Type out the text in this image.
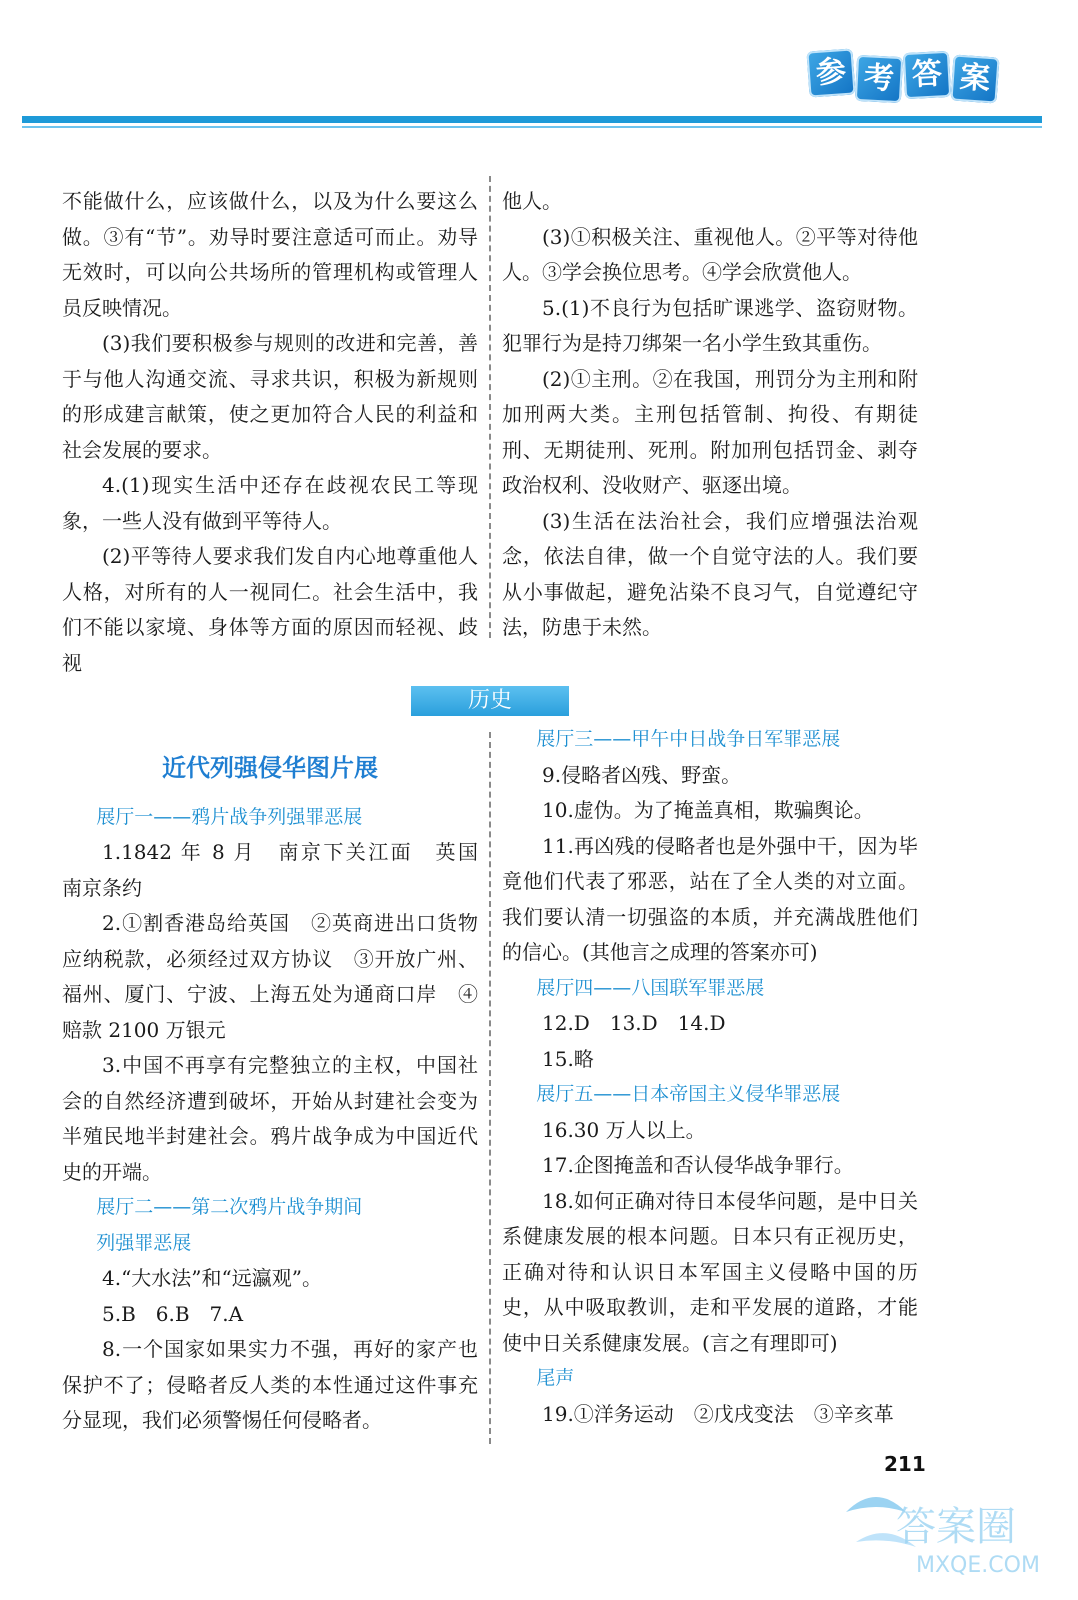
参 考 答 案

不能做什么，应该做什么，以及为什么要这么做。③有“节”。劝导时要注意适可而止。劝导无效时，可以向公共场所的管理机构或管理人员反映情况。

(3)我们要积极参与规则的改进和完善，善于与他人沟通交流、寻求共识，积极为新规则的形成建言献策，使之更加符合人民的利益和社会发展的要求。

4.(1)现实生活中还存在歧视农民工等现象，一些人没有做到平等待人。

(2)平等待人要求我们发自内心地尊重他人人格，对所有的人一视同仁。社会生活中，我们不能以家境、身体等方面的原因而轻视、歧视

他人。

(3)①积极关注、重视他人。②平等对待他人。③学会换位思考。④学会欣赏他人。

5.(1)不良行为包括旷课逃学、盗窃财物。犯罪行为是持刀绑架一名小学生致其重伤。

(2)①主刑。②在我国，刑罚分为主刑和附加刑两大类。主刑包括管制、拘役、有期徒刑、无期徒刑、死刑。附加刑包括罚金、剥夺政治权利、没收财产、驱逐出境。

(3)生活在法治社会，我们应增强法治观念，依法自律，做一个自觉守法的人。我们要从小事做起，避免沾染不良习气，自觉遵纪守法，防患于未然。

历史

近代列强侵华图片展

展厅一——鸦片战争列强罪恶展

1.1842 年 8 月　南京下关江面　英国　南京条约

2.①割香港岛给英国　②英商进出口货物应纳税款，必须经过双方协议　③开放广州、福州、厦门、宁波、上海五处为通商口岸　④赔款 2100 万银元

3.中国不再享有完整独立的主权，中国社会的自然经济遭到破坏，开始从封建社会变为半殖民地半封建社会。鸦片战争成为中国近代史的开端。

展厅二——第二次鸦片战争期间

列强罪恶展

4.“大水法”和“远瀛观”。

5.B　6.B　7.A

8.一个国家如果实力不强，再好的家产也保护不了；侵略者反人类的本性通过这件事充分显现，我们必须警惕任何侵略者。

展厅三——甲午中日战争日军罪恶展

9.侵略者凶残、野蛮。

10.虚伪。为了掩盖真相，欺骗舆论。

11.再凶残的侵略者也是外强中干，因为毕竟他们代表了邪恶，站在了全人类的对立面。我们要认清一切强盗的本质，并充满战胜他们的信心。(其他言之成理的答案亦可)

展厅四——八国联军罪恶展

12.D　13.D　14.D

15.略

展厅五——日本帝国主义侵华罪恶展

16.30 万人以上。

17.企图掩盖和否认侵华战争罪行。

18.如何正确对待日本侵华问题，是中日关系健康发展的根本问题。日本只有正视历史，正确对待和认识日本军国主义侵略中国的历史，从中吸取教训，走和平发展的道路，才能使中日关系健康发展。(言之有理即可)

尾声

19.①洋务运动　②戊戌变法　③辛亥革

211
答案圈
MXQE.COM
